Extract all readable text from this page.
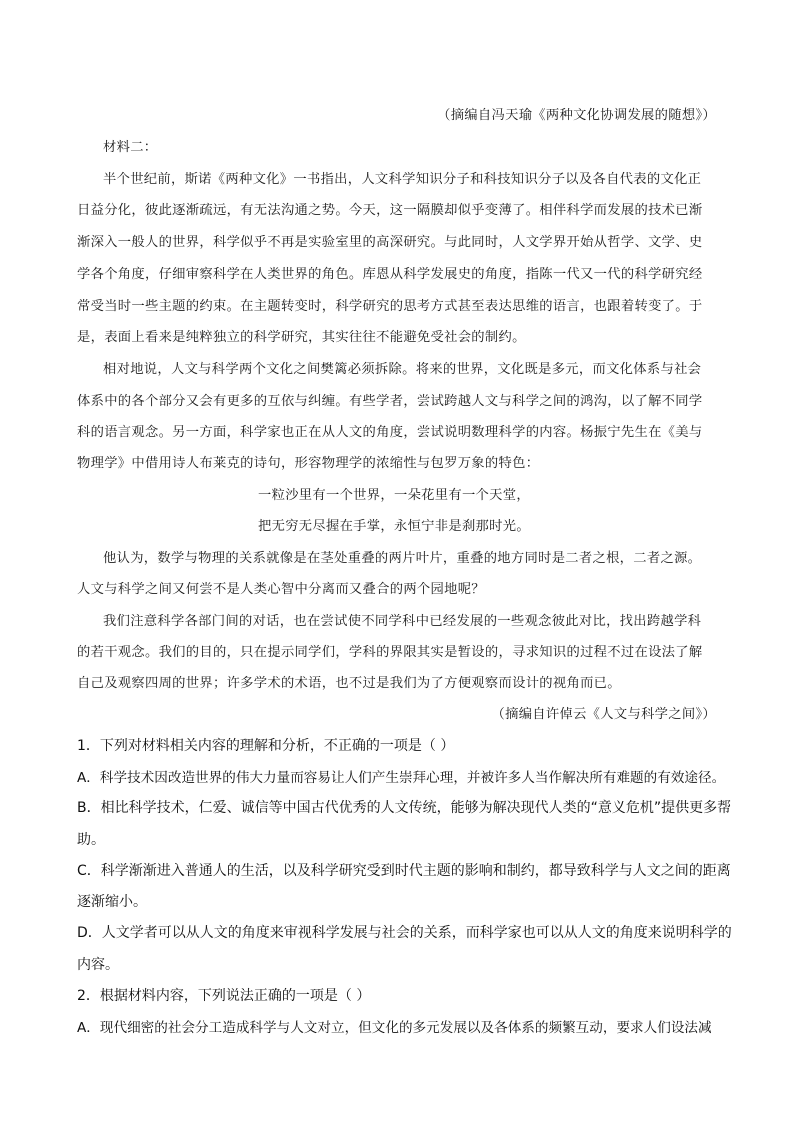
（摘编自冯天瑜《两种文化协调发展的随想》）
材料二：
半个世纪前，斯诺《两种文化》一书指出，人文科学知识分子和科技知识分子以及各自代表的文化正
日益分化，彼此逐渐疏远，有无法沟通之势。今天，这一隔膜却似乎变薄了。相伴科学而发展的技术已渐
渐深入一般人的世界，科学似乎不再是实验室里的高深研究。与此同时，人文学界开始从哲学、文学、史
学各个角度，仔细审察科学在人类世界的角色。库恩从科学发展史的角度，指陈一代又一代的科学研究经
常受当时一些主题的约束。在主题转变时，科学研究的思考方式甚至表达思维的语言，也跟着转变了。于
是，表面上看来是纯粹独立的科学研究，其实往往不能避免受社会的制约。
相对地说，人文与科学两个文化之间樊篱必须拆除。将来的世界，文化既是多元，而文化体系与社会
体系中的各个部分又会有更多的互依与纠缠。有些学者，尝试跨越人文与科学之间的鸿沟，以了解不同学
科的语言观念。另一方面，科学家也正在从人文的角度，尝试说明数理科学的内容。杨振宁先生在《美与
物理学》中借用诗人布莱克的诗句，形容物理学的浓缩性与包罗万象的特色：
一粒沙里有一个世界，一朵花里有一个天堂，
把无穷无尽握在手掌，永恒宁非是刹那时光。
他认为，数学与物理的关系就像是在茎处重叠的两片叶片，重叠的地方同时是二者之根，二者之源。
人文与科学之间又何尝不是人类心智中分离而又叠合的两个园地呢？
我们注意科学各部门间的对话，也在尝试使不同学科中已经发展的一些观念彼此对比，找出跨越学科
的若干观念。我们的目的，只在提示同学们，学科的界限其实是暂设的，寻求知识的过程不过在设法了解
自己及观察四周的世界；许多学术的术语，也不过是我们为了方便观察而设计的视角而已。
（摘编自许倬云《人文与科学之间》）
1．下列对材料相关内容的理解和分析，不正确的一项是（ ）
A．科学技术因改造世界的伟大力量而容易让人们产生崇拜心理，并被许多人当作解决所有难题的有效途径。
B．相比科学技术，仁爱、诚信等中国古代优秀的人文传统，能够为解决现代人类的“意义危机”提供更多帮
助。
C．科学渐渐进入普通人的生活，以及科学研究受到时代主题的影响和制约，都导致科学与人文之间的距离
逐渐缩小。
D．人文学者可以从人文的角度来审视科学发展与社会的关系，而科学家也可以从人文的角度来说明科学的
内容。
2．根据材料内容，下列说法正确的一项是（ ）
A．现代细密的社会分工造成科学与人文对立，但文化的多元发展以及各体系的频繁互动，要求人们设法减
